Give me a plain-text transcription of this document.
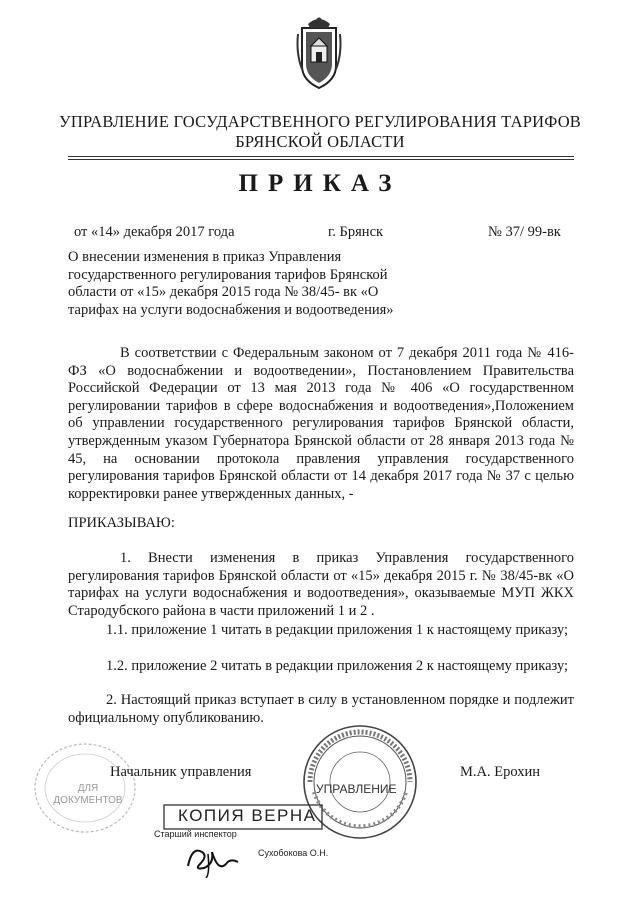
УПРАВЛЕНИЕ ГОСУДАРСТВЕННОГО РЕГУЛИРОВАНИЯ ТАРИФОВ
БРЯНСКОЙ ОБЛАСТИ
ПРИКАЗ
от «14» декабря 2017 года	г. Брянск	№ 37/ 99-вк
О внесении изменения в приказ Управления государственного регулирования тарифов Брянской области от «15» декабря 2015 года № 38/45- вк «О тарифах на услуги водоснабжения и водоотведения»
В соответствии с Федеральным законом от 7 декабря 2011 года № 416-ФЗ «О водоснабжении и водоотведении», Постановлением Правительства Российской Федерации от 13 мая 2013 года № 406 «О государственном регулировании тарифов в сфере водоснабжения и водоотведения»,Положением об управлении государственного регулирования тарифов Брянской области, утвержденным указом Губернатора Брянской области от 28 января 2013 года № 45, на основании протокола правления управления государственного регулирования тарифов Брянской области от 14 декабря 2017 года № 37 с целью корректировки ранее утвержденных данных, -
ПРИКАЗЫВАЮ:
1. Внести изменения в приказ Управления государственного регулирования тарифов Брянской области от «15» декабря 2015 г. № 38/45-вк «О тарифах на услуги водоснабжения и водоотведения», оказываемые МУП ЖКХ Стародубского района в части приложений 1 и 2 .
1.1. приложение 1 читать в редакции приложения 1 к настоящему приказу;
1.2. приложение 2 читать в редакции приложения 2 к настоящему приказу;
2. Настоящий приказ вступает в силу в установленном порядке и подлежит официальному опубликованию.
ДЛЯ ДОКУМЕНТОВ
УПРАВЛЕНИЕ
Начальник управления	М.А. Ерохин
КОПИЯ ВЕРНА
Старший инспектор
Сухобокова О.Н.
